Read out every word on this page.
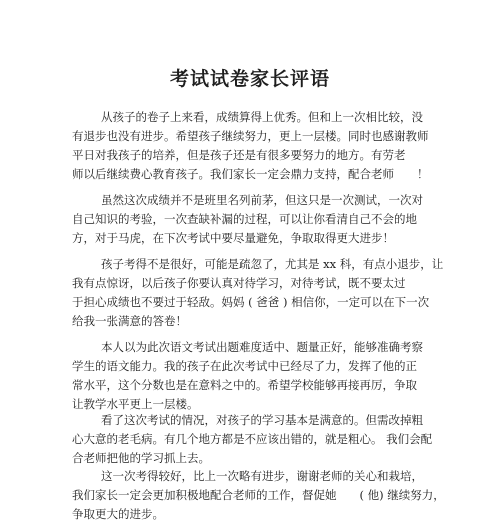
考试试卷家长评语
从孩子的卷子上来看，成绩算得上优秀。但和上一次相比较，没
有退步也没有进步。希望孩子继续努力，更上一层楼。同时也感谢教师
平日对我孩子的培养，但是孩子还是有很多要努力的地方。有劳老
师以后继续费心教育孩子。我们家长一定会鼎力支持，配合老师　　！
虽然这次成绩并不是班里名列前茅，但这只是一次测试，一次对
自己知识的考验，一次查缺补漏的过程，可以让你看清自己不会的地
方，对于马虎，在下次考试中要尽量避免，争取取得更大进步！
孩子考得不是很好，可能是疏忽了，尤其是 xx 科，有点小退步，让
我有点惊讶，以后孩子你要认真对待学习，对待考试，既不要太过
于担心成绩也不要过于轻敌。妈妈 ( 爸爸 ) 相信你，一定可以在下一次
给我一张满意的答卷！
本人以为此次语文考试出题难度适中、题量正好，能够准确考察
学生的语文能力。我的孩子在此次考试中已经尽了力，发挥了他的正
常水平，这个分数也是在意料之中的。希望学校能够再接再厉，争取
让教学水平更上一层楼。
看了这次考试的情况，对孩子的学习基本是满意的。但需改掉粗
心大意的老毛病。有几个地方都是不应该出错的，就是粗心。 我们会配
合老师把他的学习抓上去。
这一次考得较好，比上一次略有进步，谢谢老师的关心和栽培，
我们家长一定会更加积极地配合老师的工作，督促她　　( 他) 继续努力，
争取更大的进步。
